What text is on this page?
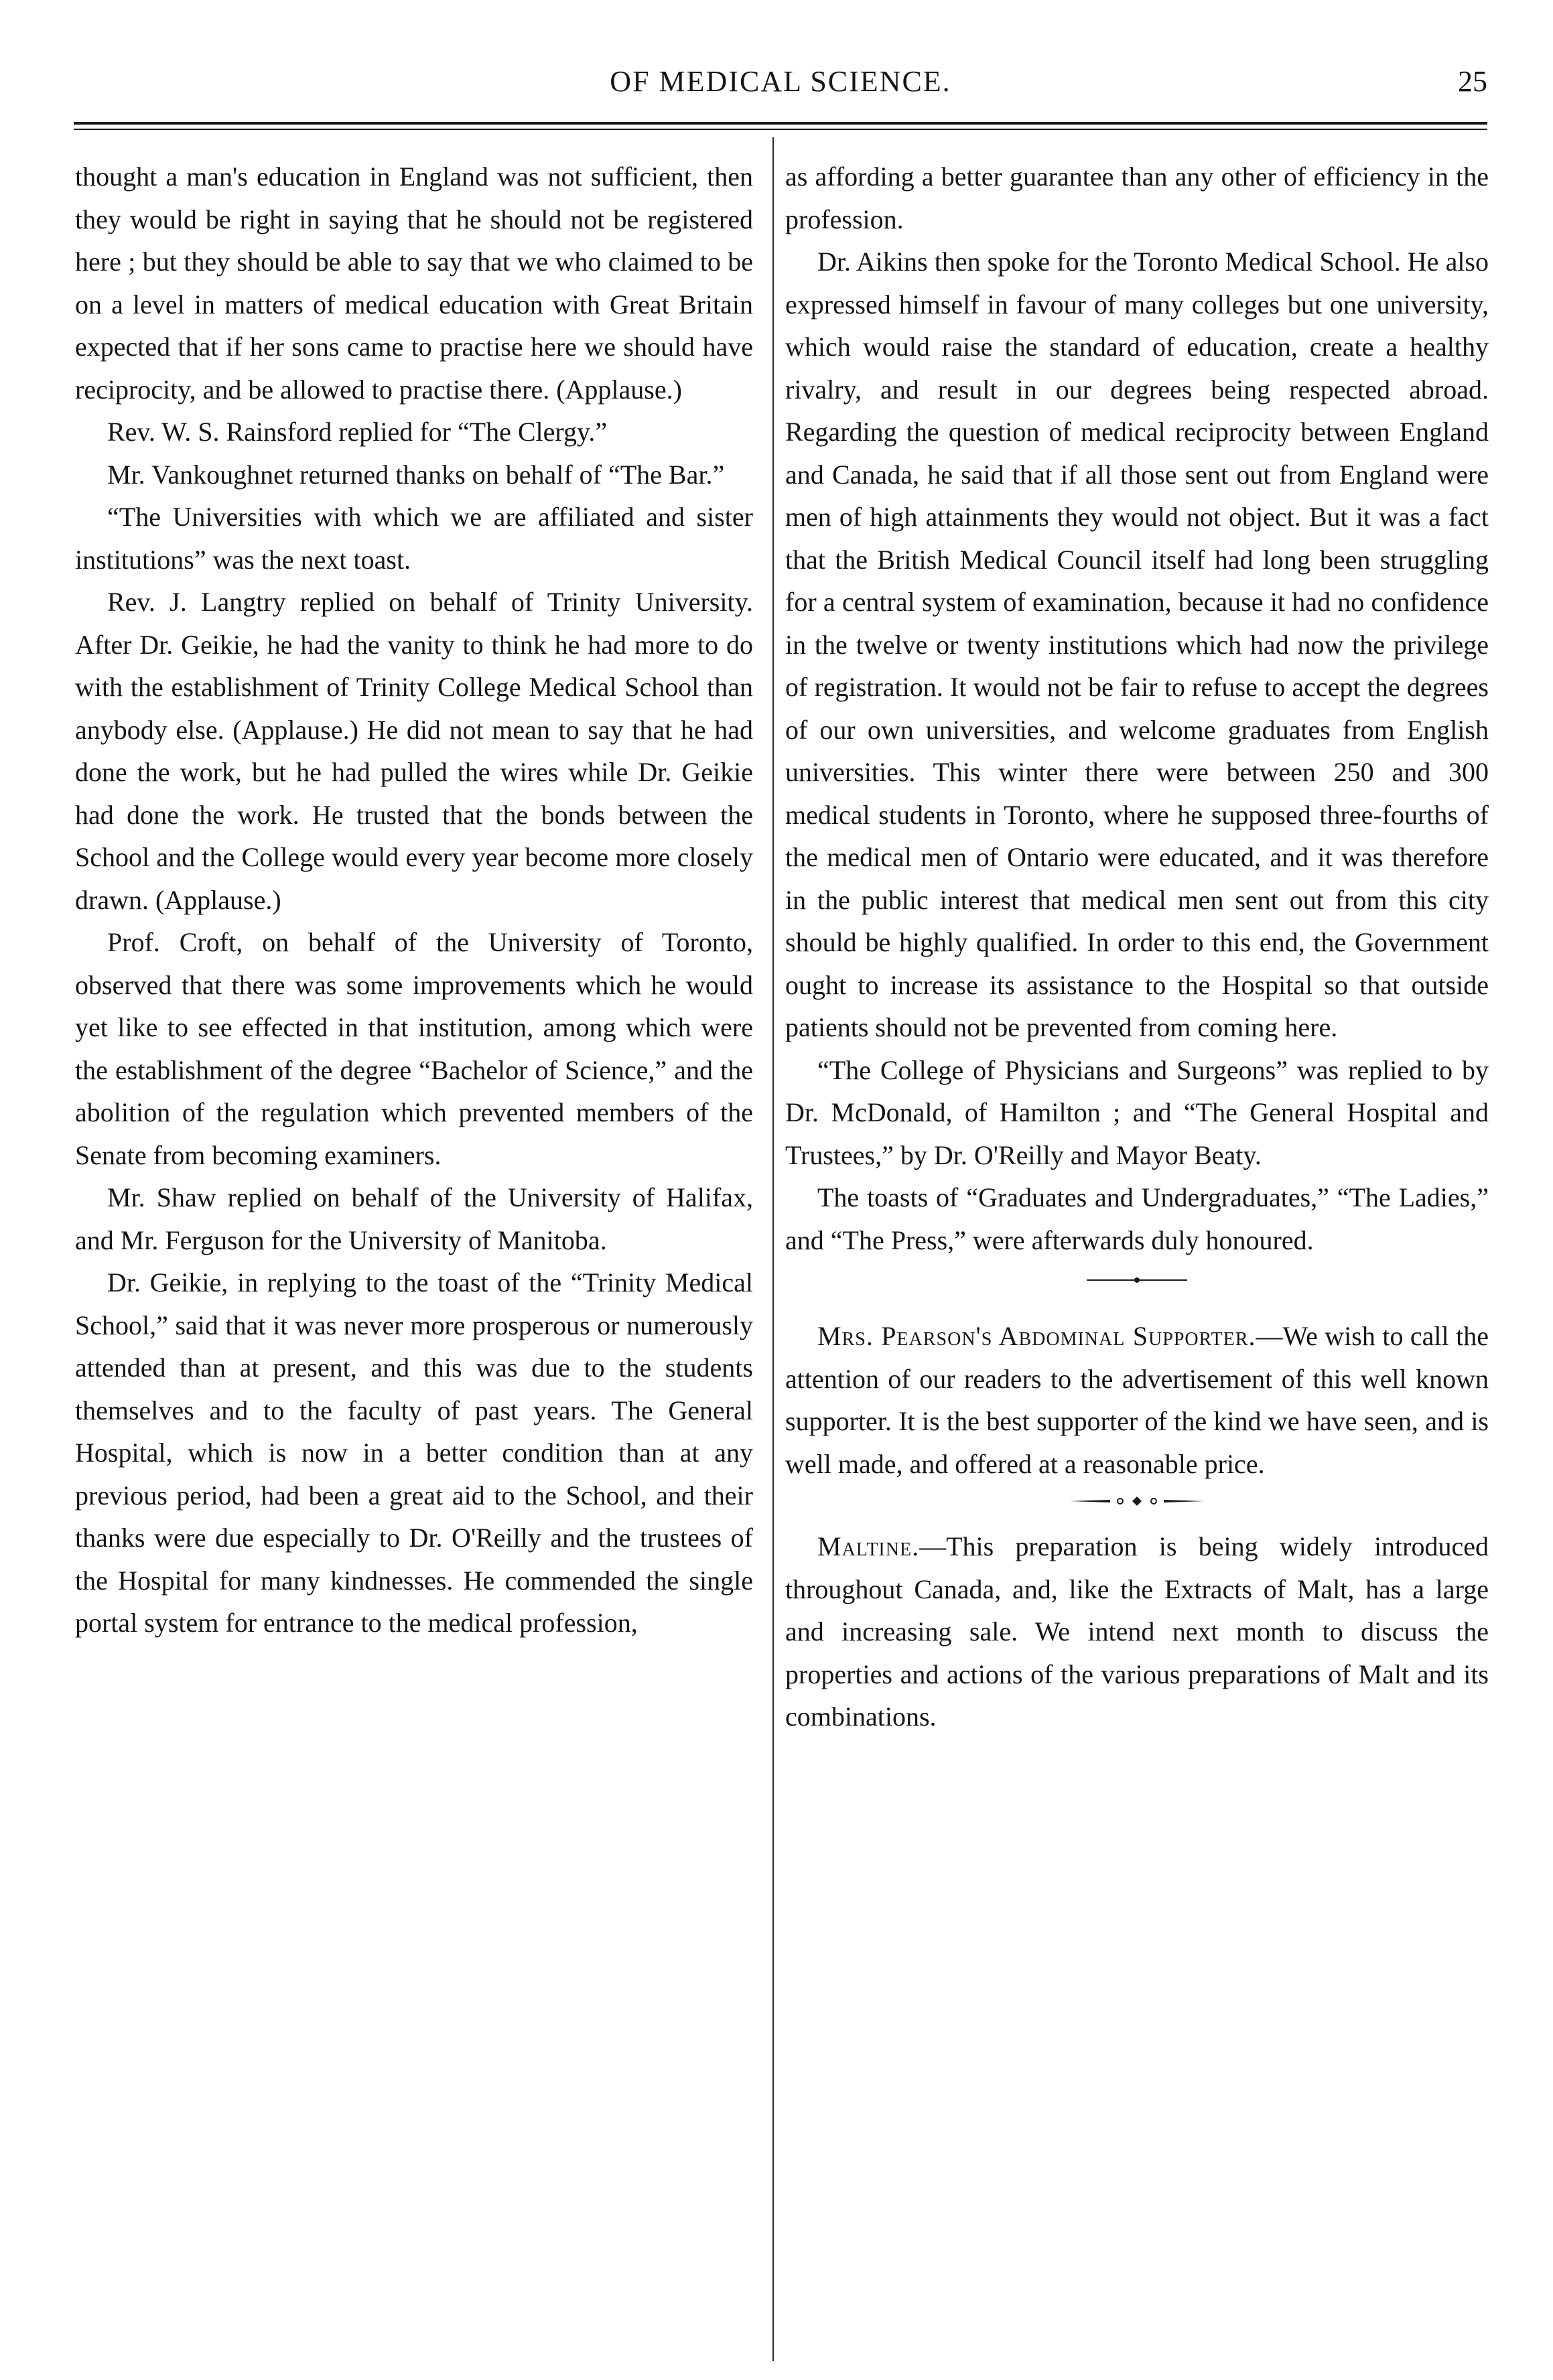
OF MEDICAL SCIENCE.	25

thought a man's education in England was not sufficient, then they would be right in saying that he should not be registered here ; but they should be able to say that we who claimed to be on a level in matters of medical education with Great Britain expected that if her sons came to practise here we should have reciprocity, and be allowed to practise there. (Applause.)

Rev. W. S. Rainsford replied for “The Clergy.”

Mr. Vankoughnet returned thanks on behalf of “The Bar.”

“The Universities with which we are affiliated and sister institutions” was the next toast.

Rev. J. Langtry replied on behalf of Trinity University. After Dr. Geikie, he had the vanity to think he had more to do with the establishment of Trinity College Medical School than anybody else. (Applause.) He did not mean to say that he had done the work, but he had pulled the wires while Dr. Geikie had done the work. He trusted that the bonds between the School and the College would every year become more closely drawn. (Applause.)

Prof. Croft, on behalf of the University of Toronto, observed that there was some improvements which he would yet like to see effected in that institution, among which were the establishment of the degree “Bachelor of Science,” and the abolition of the regulation which prevented members of the Senate from becoming examiners.

Mr. Shaw replied on behalf of the University of Halifax, and Mr. Ferguson for the University of Manitoba.

Dr. Geikie, in replying to the toast of the “Trinity Medical School,” said that it was never more prosperous or numerously attended than at present, and this was due to the students themselves and to the faculty of past years. The General Hospital, which is now in a better condition than at any previous period, had been a great aid to the School, and their thanks were due especially to Dr. O'Reilly and the trustees of the Hospital for many kindnesses. He commended the single portal system for entrance to the medical profession,

as affording a better guarantee than any other of efficiency in the profession.

Dr. Aikins then spoke for the Toronto Medical School. He also expressed himself in favour of many colleges but one university, which would raise the standard of education, create a healthy rivalry, and result in our degrees being respected abroad. Regarding the question of medical reciprocity between England and Canada, he said that if all those sent out from England were men of high attainments they would not object. But it was a fact that the British Medical Council itself had long been struggling for a central system of examination, because it had no confidence in the twelve or twenty institutions which had now the privilege of registration. It would not be fair to refuse to accept the degrees of our own universities, and welcome graduates from English universities. This winter there were between 250 and 300 medical students in Toronto, where he supposed three-fourths of the medical men of Ontario were educated, and it was therefore in the public interest that medical men sent out from this city should be highly qualified. In order to this end, the Government ought to increase its assistance to the Hospital so that outside patients should not be prevented from coming here.

“The College of Physicians and Surgeons” was replied to by Dr. McDonald, of Hamilton ; and “The General Hospital and Trustees,” by Dr. O'Reilly and Mayor Beaty.

The toasts of “Graduates and Undergraduates,” “The Ladies,” and “The Press,” were afterwards duly honoured.

Mrs. Pearson's Abdominal Supporter.—We wish to call the attention of our readers to the advertisement of this well known supporter. It is the best supporter of the kind we have seen, and is well made, and offered at a reasonable price.

Maltine.—This preparation is being widely introduced throughout Canada, and, like the Extracts of Malt, has a large and increasing sale. We intend next month to discuss the properties and actions of the various preparations of Malt and its combinations.
